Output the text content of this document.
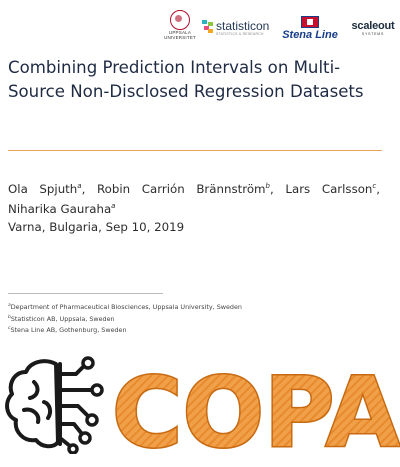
UPPSALA
UNIVERSITET
statisticon
STATISTICS & RESEARCH	Stena Line
scaleout
SYSTEMS
Combining Prediction Intervals on Multi-Source Non-Disclosed Regression Datasets
Ola Spjuth$^a$, Robin Carrión Brännström$^b$, Lars Carlsson$^c$, Niharika Gauraha$^a$
Varna, Bulgaria, Sep 10, 2019
$^a$Department of Pharmaceutical Biosciences, Uppsala University, Sweden
$^b$Statisticon AB, Uppsala, Sweden
$^c$Stena Line AB, Gothenburg, Sweden
COPA
